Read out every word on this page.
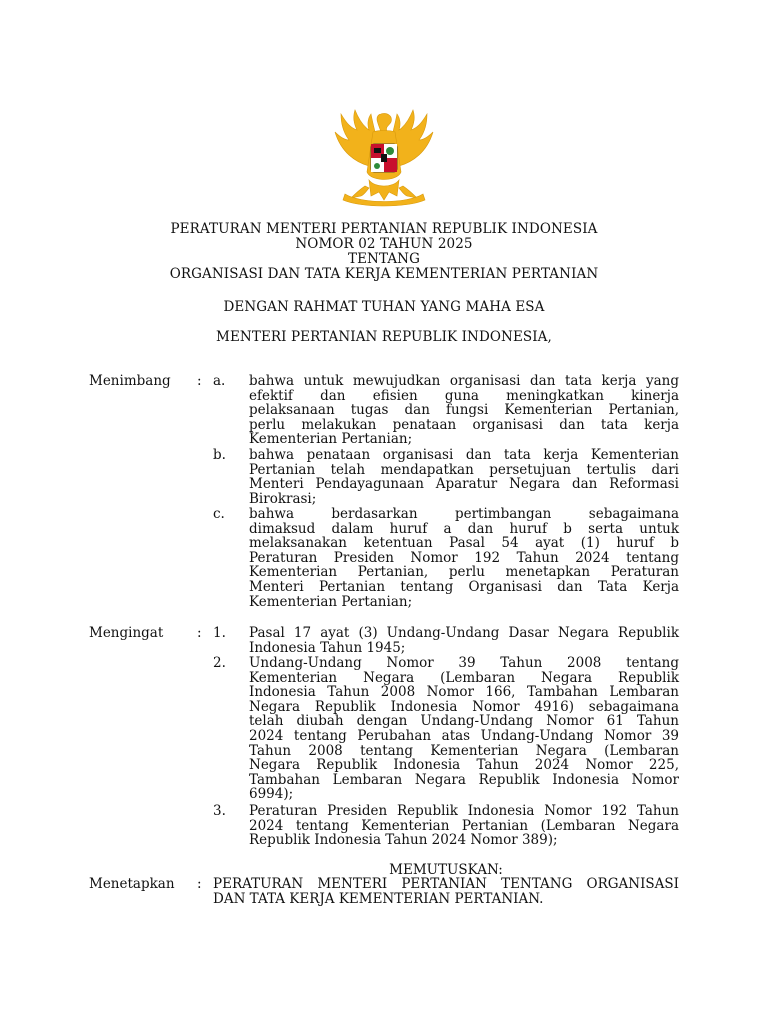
PERATURAN MENTERI PERTANIAN REPUBLIK INDONESIA
NOMOR 02 TAHUN 2025
TENTANG
ORGANISASI DAN TATA KERJA KEMENTERIAN PERTANIAN
DENGAN RAHMAT TUHAN YANG MAHA ESA
MENTERI PERTANIAN REPUBLIK INDONESIA,
Menimbang	: a. bahwa untuk mewujudkan organisasi dan tata kerja yang
efektif dan efisien guna meningkatkan kinerja
pelaksanaan tugas dan fungsi Kementerian Pertanian,
perlu melakukan penataan organisasi dan tata kerja
Kementerian Pertanian;
b. bahwa penataan organisasi dan tata kerja Kementerian
Pertanian telah mendapatkan persetujuan tertulis dari
Menteri Pendayagunaan Aparatur Negara dan Reformasi
Birokrasi;
c. bahwa berdasarkan pertimbangan sebagaimana
dimaksud dalam huruf a dan huruf b serta untuk
melaksanakan ketentuan Pasal 54 ayat (1) huruf b
Peraturan Presiden Nomor 192 Tahun 2024 tentang
Kementerian Pertanian, perlu menetapkan Peraturan
Menteri Pertanian tentang Organisasi dan Tata Kerja
Kementerian Pertanian;
Mengingat	: 1. Pasal 17 ayat (3) Undang-Undang Dasar Negara Republik
Indonesia Tahun 1945;
2. Undang-Undang Nomor 39 Tahun 2008 tentang
Kementerian Negara (Lembaran Negara Republik
Indonesia Tahun 2008 Nomor 166, Tambahan Lembaran
Negara Republik Indonesia Nomor 4916) sebagaimana
telah diubah dengan Undang-Undang Nomor 61 Tahun
2024 tentang Perubahan atas Undang-Undang Nomor 39
Tahun 2008 tentang Kementerian Negara (Lembaran
Negara Republik Indonesia Tahun 2024 Nomor 225,
Tambahan Lembaran Negara Republik Indonesia Nomor
6994);
3. Peraturan Presiden Republik Indonesia Nomor 192 Tahun
2024 tentang Kementerian Pertanian (Lembaran Negara
Republik Indonesia Tahun 2024 Nomor 389);
MEMUTUSKAN:
Menetapkan : PERATURAN MENTERI PERTANIAN TENTANG ORGANISASI
DAN TATA KERJA KEMENTERIAN PERTANIAN.
